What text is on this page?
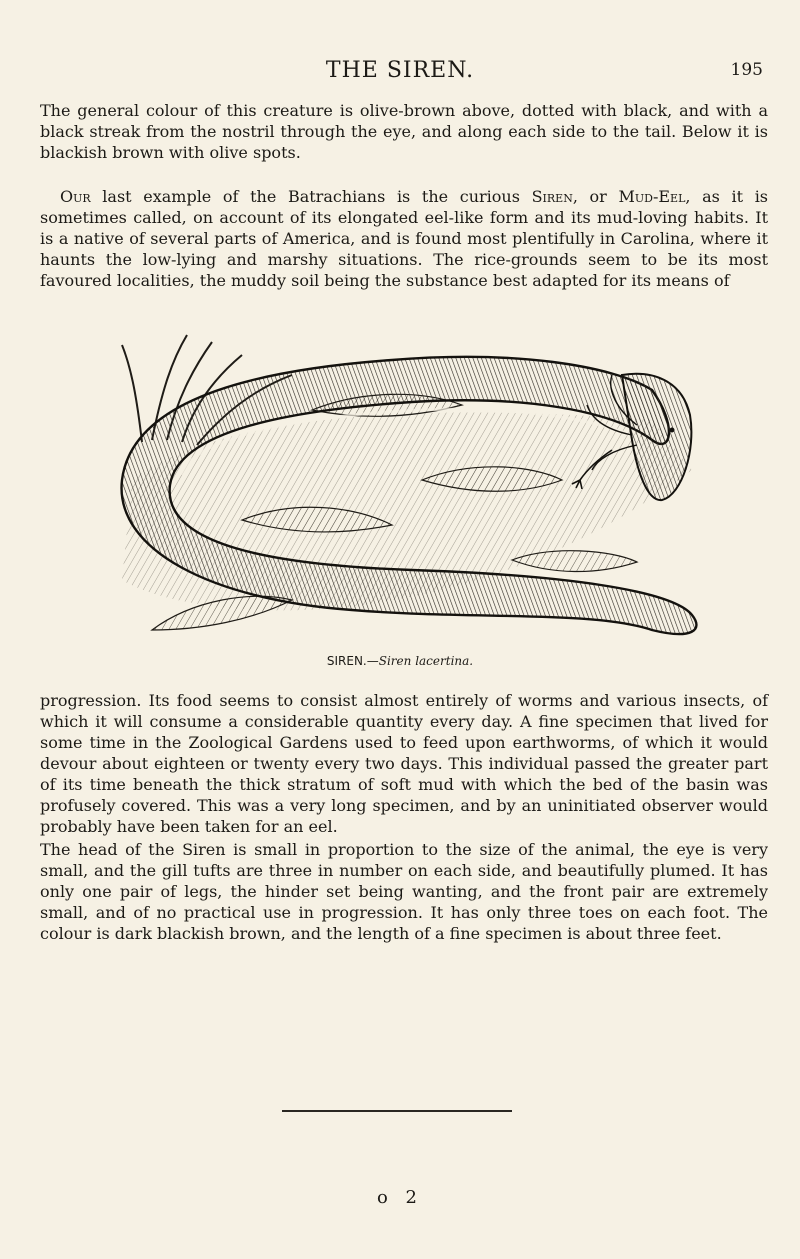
THE SIREN.	195

The general colour of this creature is olive-brown above, dotted with black, and with a black streak from the nostril through the eye, and along each side to the tail. Below it is blackish brown with olive spots.

Our last example of the Batrachians is the curious Siren, or Mud-Eel, as it is sometimes called, on account of its elongated eel-like form and its mud-loving habits. It is a native of several parts of America, and is found most plentifully in Carolina, where it haunts the low-lying and marshy situations. The rice-grounds seem to be its most favoured localities, the muddy soil being the substance best adapted for its means of

SIREN.—Siren lacertina.

progression. Its food seems to consist almost entirely of worms and various insects, of which it will consume a considerable quantity every day. A fine specimen that lived for some time in the Zoological Gardens used to feed upon earthworms, of which it would devour about eighteen or twenty every two days. This individual passed the greater part of its time beneath the thick stratum of soft mud with which the bed of the basin was profusely covered. This was a very long specimen, and by an uninitiated observer would probably have been taken for an eel.

The head of the Siren is small in proportion to the size of the animal, the eye is very small, and the gill tufts are three in number on each side, and beautifully plumed. It has only one pair of legs, the hinder set being wanting, and the front pair are extremely small, and of no practical use in progression. It has only three toes on each foot. The colour is dark blackish brown, and the length of a fine specimen is about three feet.

o 2
